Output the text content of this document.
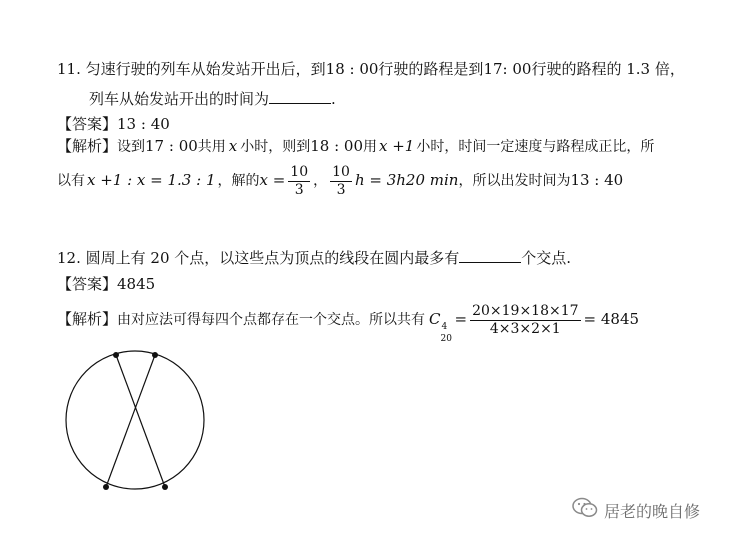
11. 匀速行驶的列车从始发站开出后，到18 : 00行驶的路程是到17: 00行驶的路程的 1.3 倍，
列车从始发站开出的时间为	.
【答案】13 : 40
【解析】设到17 : 00共用 x 小时，则到18 : 00用 x +1 小时，时间一定速度与路程成正比，所
以有 x +1 : x = 1.3 : 1 ，解的$x = \frac{10}{3}$ ， $\frac{10}{3}$ h = 3h20 min，所以出发时间为13 : 40
12. 圆周上有 20 个点，以这些点为顶点的线段在圆内最多有	个交点.
【答案】4845
【解析】由对应法可得每四个点都存在一个交点。所以共有 C 4
20
= $\frac{20\times 19\times 18\times 17}{4\times 3\times 2\times 1} = 4845$
居老的晚自修
